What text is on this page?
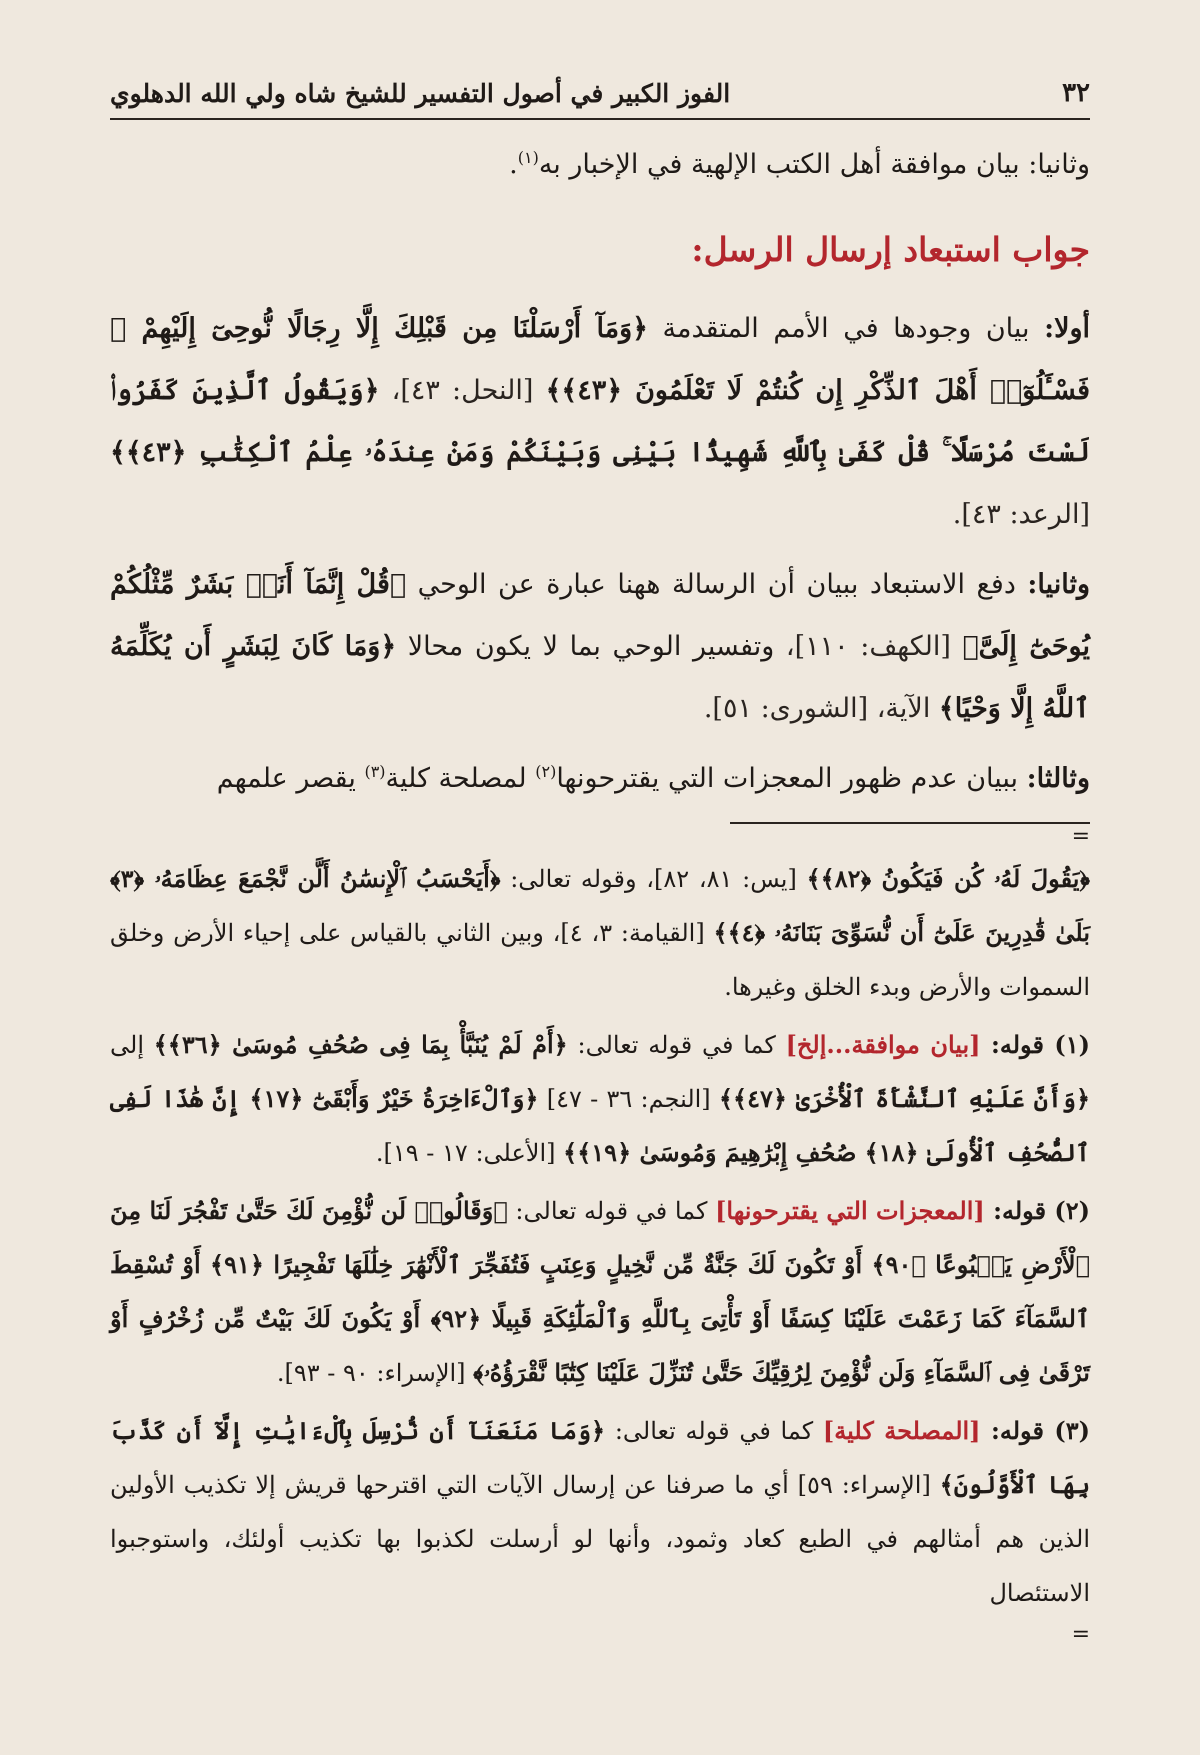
٣٢
الفوز الكبير في أصول التفسير للشيخ شاه ولي الله الدهلوي

وثانيا: بيان موافقة أهل الكتب الإلهية في الإخبار به$^{(١)}$.

جواب استبعاد إرسال الرسل:

أولا: بيان وجودها في الأمم المتقدمة ﴿وَمَآ أَرْسَلْنَا مِن قَبْلِكَ إِلَّا رِجَالًا نُّوحِىٓ إِلَيْهِمْ ۚ فَسْـَٔلُوٓا۟ أَهْلَ ٱلذِّكْرِ إِن كُنتُمْ لَا تَعْلَمُونَ ﴿٤٣﴾﴾ [النحل: ٤٣]، ﴿وَيَقُولُ ٱلَّذِينَ كَفَرُوا۟ لَسْتَ مُرْسَلًا ۚ قُلْ كَفَىٰ بِٱللَّهِ شَهِيدًۢا بَيْنِى وَبَيْنَكُمْ وَمَنْ عِندَهُۥ عِلْمُ ٱلْكِتَٰبِ ﴿٤٣﴾﴾ [الرعد: ٤٣].

وثانيا: دفع الاستبعاد ببيان أن الرسالة ههنا عبارة عن الوحي ﴿قُلْ إِنَّمَآ أَنَا۠ بَشَرٌ مِّثْلُكُمْ يُوحَىٰٓ إِلَىَّ﴾ [الكهف: ١١٠]، وتفسير الوحي بما لا يكون محالا ﴿وَمَا كَانَ لِبَشَرٍ أَن يُكَلِّمَهُ ٱللَّهُ إِلَّا وَحْيًا﴾ الآية، [الشورى: ٥١].

وثالثا: ببيان عدم ظهور المعجزات التي يقترحونها$^{(٢)}$ لمصلحة كلية$^{(٣)}$ يقصر علمهم

=

﴿يَقُولَ لَهُۥ كُن فَيَكُونُ ﴿٨٢﴾﴾ [يس: ٨١، ٨٢]، وقوله تعالى: ﴿أَيَحْسَبُ ٱلْإِنسَٰنُ أَلَّن نَّجْمَعَ عِظَامَهُۥ ﴿٣﴾ بَلَىٰ قَٰدِرِينَ عَلَىٰٓ أَن نُّسَوِّىَ بَنَانَهُۥ ﴿٤﴾﴾ [القيامة: ٣، ٤]، وبين الثاني بالقياس على إحياء الأرض وخلق السموات والأرض وبدء الخلق وغيرها.

(١) قوله: [بيان موافقة...إلخ] كما في قوله تعالى: ﴿أَمْ لَمْ يُنَبَّأْ بِمَا فِى صُحُفِ مُوسَىٰ ﴿٣٦﴾﴾ إلى ﴿وَأَنَّ عَلَيْهِ ٱلنَّشْأَةَ ٱلْأُخْرَىٰ ﴿٤٧﴾﴾ [النجم: ٣٦ - ٤٧] ﴿وَٱلْءَاخِرَةُ خَيْرٌ وَأَبْقَىٰٓ ﴿١٧﴾ إِنَّ هَٰذَا لَفِى ٱلصُّحُفِ ٱلْأُولَىٰ ﴿١٨﴾ صُحُفِ إِبْرَٰهِيمَ وَمُوسَىٰ ﴿١٩﴾﴾ [الأعلى: ١٧ - ١٩].

(٢) قوله: [المعجزات التي يقترحونها] كما في قوله تعالى: ﴿وَقَالُوا۟ لَن نُّؤْمِنَ لَكَ حَتَّىٰ تَفْجُرَ لَنَا مِنَ ٱلْأَرْضِ يَنۢبُوعًا ﴿٩٠﴾ أَوْ تَكُونَ لَكَ جَنَّةٌ مِّن نَّخِيلٍ وَعِنَبٍ فَتُفَجِّرَ ٱلْأَنْهَٰرَ خِلَٰلَهَا تَفْجِيرًا ﴿٩١﴾ أَوْ تُسْقِطَ ٱلسَّمَآءَ كَمَا زَعَمْتَ عَلَيْنَا كِسَفًا أَوْ تَأْتِىَ بِٱللَّهِ وَٱلْمَلَٰٓئِكَةِ قَبِيلًا ﴿٩٢﴾ أَوْ يَكُونَ لَكَ بَيْتٌ مِّن زُخْرُفٍ أَوْ تَرْقَىٰ فِى ٱلسَّمَآءِ وَلَن نُّؤْمِنَ لِرُقِيِّكَ حَتَّىٰ تُنَزِّلَ عَلَيْنَا كِتَٰبًا نَّقْرَؤُهُۥ﴾ [الإسراء: ٩٠ - ٩٣].

(٣) قوله: [المصلحة كلية] كما في قوله تعالى: ﴿وَمَا مَنَعَنَآ أَن نُّرْسِلَ بِٱلْءَايَٰتِ إِلَّآ أَن كَذَّبَ بِهَا ٱلْأَوَّلُونَ﴾ [الإسراء: ٥٩] أي ما صرفنا عن إرسال الآيات التي اقترحها قريش إلا تكذيب الأولين الذين هم أمثالهم في الطبع كعاد وثمود، وأنها لو أرسلت لكذبوا بها تكذيب أولئك، واستوجبوا الاستئصال

=
